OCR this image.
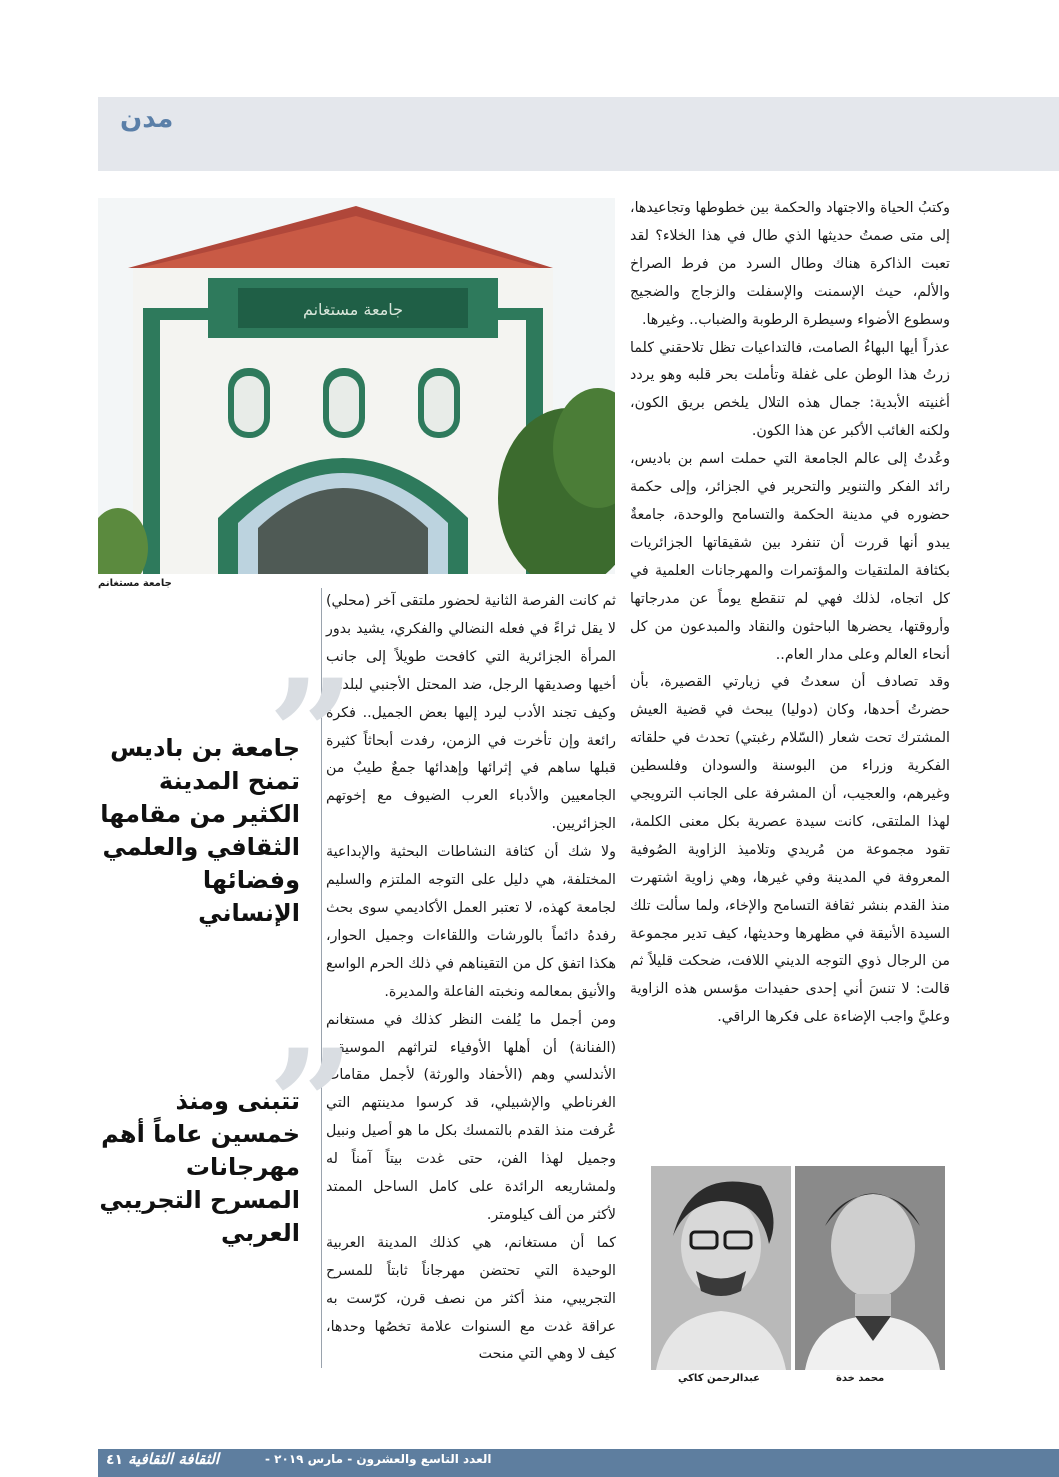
مدن
جامعة مستغانم
جامعة مستغانم

وكتبُ الحياة والاجتهاد والحكمة بين خطوطها وتجاعيدها، إلى متى صمتُ حديثها الذي طال في هذا الخلاء؟ لقد تعبت الذاكرة هناك وطال السرد من فرط الصراخ والألم، حيث الإسمنت والإسفلت والزجاج والضجيج وسطوع الأضواء وسيطرة الرطوبة والضباب.. وغيرها.

عذراً أيها البهاءُ الصامت، فالتداعيات تظل تلاحقني كلما زرتُ هذا الوطن على غفلة وتأملت بحر قلبه وهو يردد أغنيته الأبدية: جمال هذه التلال يلخص بريق الكون، ولكنه الغائب الأكبر عن هذا الكون.

وعُدتُ إلى عالم الجامعة التي حملت اسم بن باديس، رائد الفكر والتنوير والتحرير في الجزائر، وإلى حكمة حضوره في مدينة الحكمة والتسامح والوحدة، جامعةٌ يبدو أنها قررت أن تنفرد بين شقيقاتها الجزائريات بكثافة الملتقيات والمؤتمرات والمهرجانات العلمية في كل اتجاه، لذلك فهي لم تنقطع يوماً عن مدرجاتها وأروقتها، يحضرها الباحثون والنقاد والمبدعون من كل أنحاء العالم وعلى مدار العام..

وقد تصادف أن سعدتُ في زيارتي القصيرة، بأن حضرتُ أحدها، وكان (دوليا) يبحث في قضية العيش المشترك تحت شعار (السّلام رغبتي) تحدث في حلقاته الفكرية وزراء من البوسنة والسودان وفلسطين وغيرهم، والعجيب، أن المشرفة على الجانب الترويجي لهذا الملتقى، كانت سيدة عصرية بكل معنى الكلمة، تقود مجموعة من مُريدي وتلاميذ الزاوية الصُوفية المعروفة في المدينة وفي غيرها، وهي زاوية اشتهرت منذ القدم بنشر ثقافة التسامح والإخاء، ولما سألت تلك السيدة الأنيقة في مظهرها وحديثها، كيف تدير مجموعة من الرجال ذوي التوجه الديني اللافت، ضحكت قليلاً ثم قالت: لا تنسَ أني إحدى حفيدات مؤسس هذه الزاوية وعليَّ واجب الإضاءة على فكرها الراقي.

ثم كانت الفرصة الثانية لحضور ملتقى آخر (محلي) لا يقل ثراءً في فعله النضالي والفكري، يشيد بدور المرأة الجزائرية التي كافحت طويلاً إلى جانب أخيها وصديقها الرجل، ضد المحتل الأجنبي لبلدها، وكيف تجند الأدب ليرد إليها بعض الجميل.. فكرة رائعة وإن تأخرت في الزمن، رفدت أبحاثاً كثيرة قبلها ساهم في إثرائها وإهدائها جمعٌ طيبٌ من الجامعيين والأدباء العرب الضيوف مع إخوتهم الجزائريين.

ولا شك أن كثافة النشاطات البحثية والإبداعية المختلفة، هي دليل على التوجه الملتزم والسليم لجامعة كهذه، لا تعتبر العمل الأكاديمي سوى بحث رفدهُ دائماً بالورشات واللقاءات وجميل الحوار، هكذا اتفق كل من التقيناهم في ذلك الحرم الواسع والأنيق بمعالمه ونخبته الفاعلة والمديرة.

ومن أجمل ما يُلفت النظر كذلك في مستغانم (الفنانة) أن أهلها الأوفياء لتراثهم الموسيقي الأندلسي وهم (الأحفاد والورثة) لأجمل مقامات الغرناطي والإشبيلي، قد كرسوا مدينتهم التي عُرفت منذ القدم بالتمسك بكل ما هو أصيل ونبيل وجميل لهذا الفن، حتى غدت بيتاً آمناً له ولمشاريعه الرائدة على كامل الساحل الممتد لأكثر من ألف كيلومتر.

كما أن مستغانم، هي كذلك المدينة العربية الوحيدة التي تحتضن مهرجاناً ثابتاً للمسرح التجريبي، منذ أكثر من نصف قرن، كرّست به عراقة غدت مع السنوات علامة تخصُها وحدها، كيف لا وهي التي منحت

”
جامعة بن باديس تمنح المدينة الكثير من مقامها الثقافي والعلمي وفضائها الإنساني
”
تتبنى ومنذ خمسين عاماً أهم مهرجانات المسرح التجريبي العربي
محمد خدة
عبدالرحمن كاكي
٤١ الثقافة الثقافية	العدد التاسع والعشرون - مارس ٢٠١٩ -
